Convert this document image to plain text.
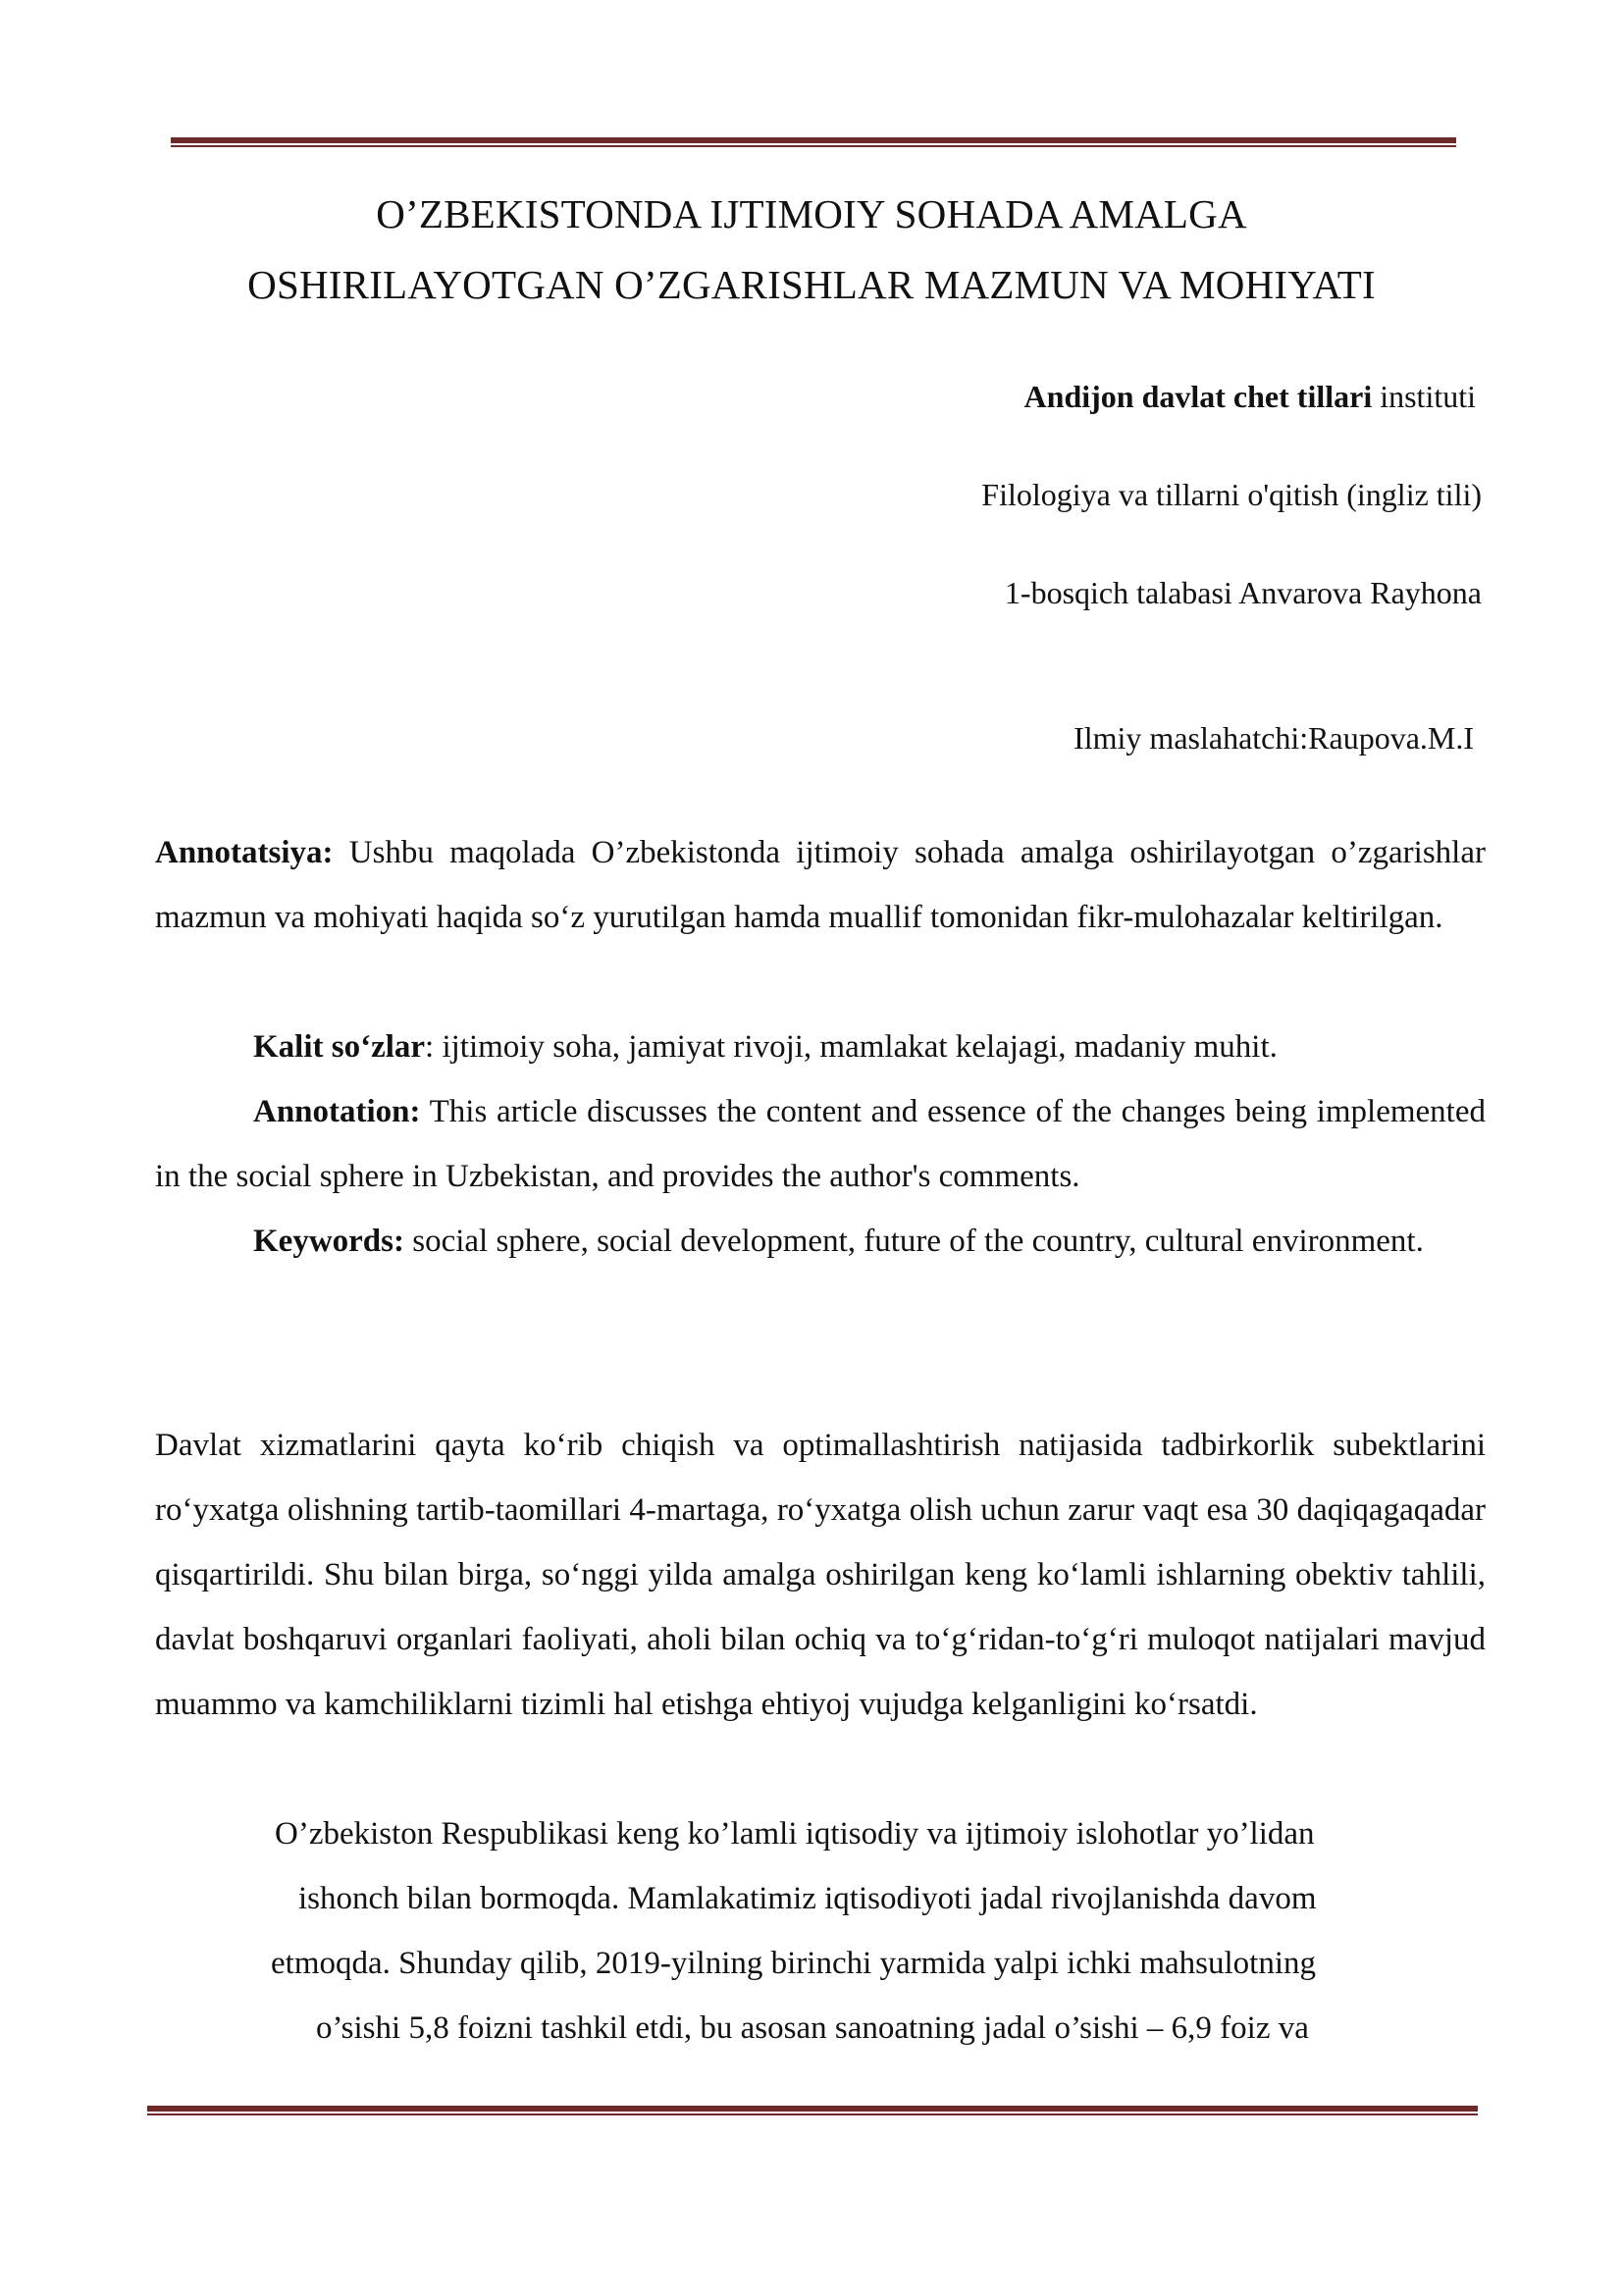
O’ZBEKISTONDA IJTIMOIY SOHADA AMALGA
OSHIRILAYOTGAN O’ZGARISHLAR MAZMUN VA MOHIYATI
Andijon davlat chet tillari instituti
Filologiya va tillarni o'qitish (ingliz tili)
1-bosqich talabasi Anvarova Rayhona
Ilmiy maslahatchi:Raupova.M.I

Annotatsiya: Ushbu maqolada O’zbekistonda ijtimoiy sohada amalga oshirilayotgan o’zgarishlar mazmun va mohiyati haqida so‘z yurutilgan hamda muallif tomonidan fikr-mulohazalar keltirilgan.

Kalit so‘zlar: ijtimoiy soha, jamiyat rivoji, mamlakat kelajagi, madaniy muhit.

Annotation: This article discusses the content and essence of the changes being implemented in the social sphere in Uzbekistan, and provides the author's comments.

Keywords: social sphere, social development, future of the country, cultural environment.

Davlat xizmatlarini qayta ko‘rib chiqish va optimallashtirish natijasida tadbirkorlik subektlarini ro‘yxatga olishning tartib-taomillari 4-martaga, ro‘yxatga olish uchun zarur vaqt esa 30 daqiqagaqadar qisqartirildi. Shu bilan birga, so‘nggi yilda amalga oshirilgan keng ko‘lamli ishlarning obektiv tahlili, davlat boshqaruvi organlari faoliyati, aholi bilan ochiq va to‘g‘ridan-to‘g‘ri muloqot natijalari mavjud muammo va kamchiliklarni tizimli hal etishga ehtiyoj vujudga kelganligini ko‘rsatdi.

O’zbekiston Respublikasi keng ko’lamli iqtisodiy va ijtimoiy islohotlar yo’lidan
ishonch bilan bormoqda. Mamlakatimiz iqtisodiyoti jadal rivojlanishda davom
etmoqda. Shunday qilib, 2019-yilning birinchi yarmida yalpi ichki mahsulotning
o’sishi 5,8 foizni tashkil etdi, bu asosan sanoatning jadal o’sishi – 6,9 foiz va
